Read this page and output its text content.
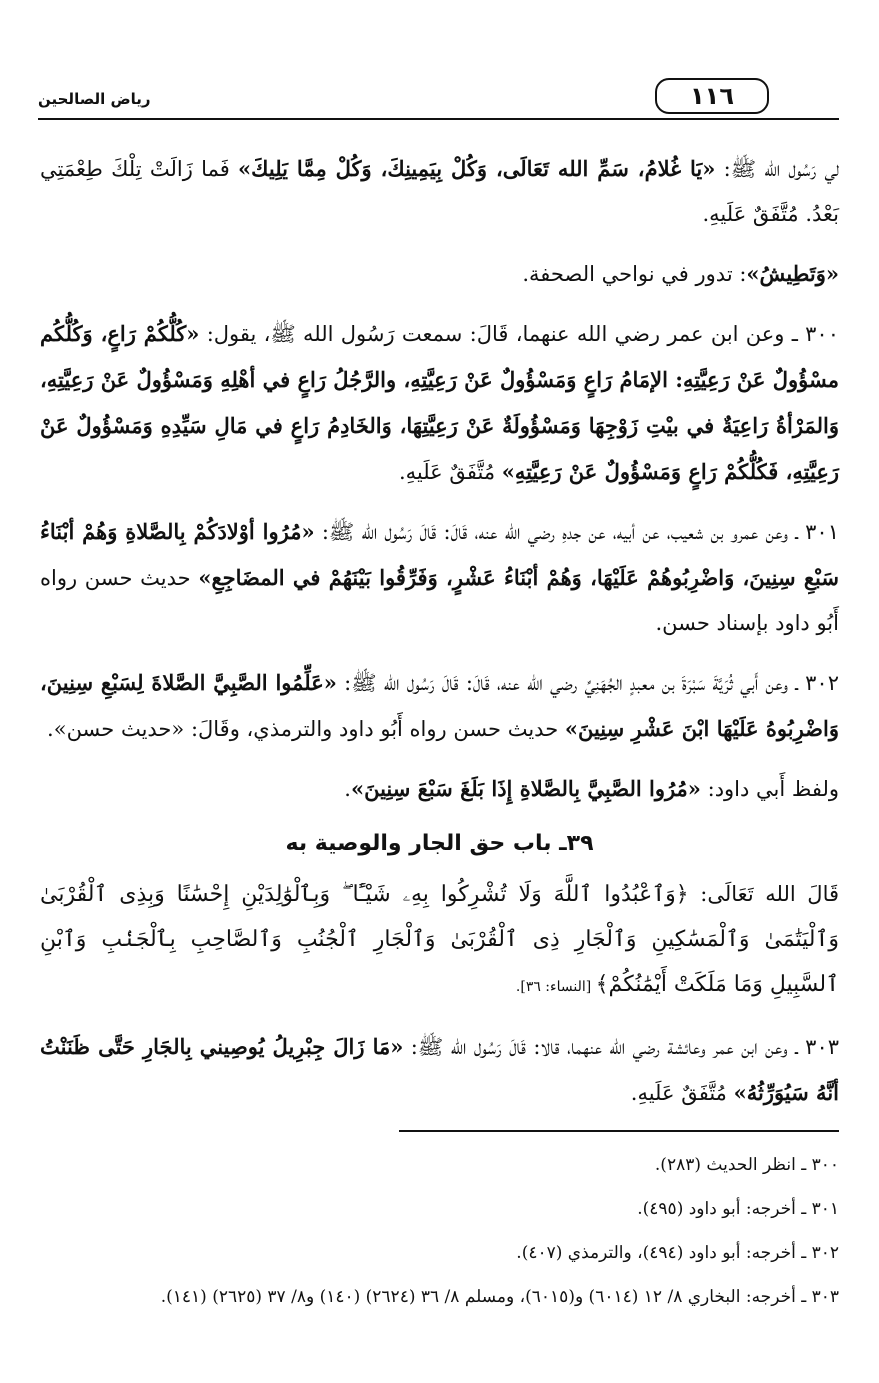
١١٦
رياض الصالحين

لي رَسُول الله ﷺ: «يَا غُلامُ، سَمِّ الله تَعَالَى، وَكُلْ بِيَمِينِكَ، وَكُلْ مِمَّا يَلِيكَ» فَما زَالَتْ تِلْكَ طِعْمَتِي بَعْدُ. مُتَّفَقٌ عَلَيهِ.

«وَتَطِيشُ»: تدور في نواحي الصحفة.

٣٠٠ ـ وعن ابن عمر رضي الله عنهما، قَالَ: سمعت رَسُول الله ﷺ، يقول: «كُلُّكُمْ رَاعٍ، وَكُلُّكُم مسْؤُولٌ عَنْ رَعِيَّتِهِ: الإمَامُ رَاعٍ وَمَسْؤُولٌ عَنْ رَعِيَّتِهِ، والرَّجُلُ رَاعٍ في أهْلِهِ وَمَسْؤُولٌ عَنْ رَعِيَّتِهِ، وَالمَرْأةُ رَاعِيَةٌ في بيْتِ زَوْجِهَا وَمَسْؤُولَةٌ عَنْ رَعِيَّتِهَا، وَالخَادِمُ رَاعٍ في مَالِ سَيِّدِهِ وَمَسْؤُولٌ عَنْ رَعِيَّتِهِ، فَكُلُّكُمْ رَاعٍ وَمَسْؤُولٌ عَنْ رَعِيَّتِهِ» مُتَّفَقٌ عَلَيهِ.

٣٠١ ـ وعن عمرو بن شعيب، عن أبيه، عن جدهِ رضي الله عنه، قَالَ: قَالَ رَسُول الله ﷺ: «مُرُوا أوْلادَكُمْ بِالصَّلاةِ وَهُمْ أبْنَاءُ سَبْعِ سِنِينَ، وَاضْرِبُوهُمْ عَلَيْهَا، وَهُمْ أبْنَاءُ عَشْرٍ، وَفَرِّقُوا بَيْنَهُمْ في المضَاجِعِ» حديث حسن رواه أَبُو داود بإسناد حسن.

٣٠٢ ـ وعن أَبي ثُرَيَّةَ سَبْرَةَ بن معبدٍ الجُهَنِيِّ رضي الله عنه، قَالَ: قَالَ رَسُول الله ﷺ: «عَلِّمُوا الصَّبِيَّ الصَّلاةَ لِسَبْعِ سِنِينَ، وَاضْرِبُوهُ عَلَيْهَا ابْنَ عَشْرِ سِنِينَ» حديث حسن رواه أَبُو داود والترمذي، وقَالَ: «حديث حسن».

ولفظ أَبي داود: «مُرُوا الصَّبِيَّ بِالصَّلاةِ إِذَا بَلَغَ سَبْعَ سِنِينَ».

٣٩ـ باب حق الجار والوصية به

قَالَ الله تَعَالَى: ﴿وَٱعْبُدُوا ٱللَّهَ وَلَا تُشْرِكُوا بِهِۦ شَيْـًٔا ۖ وَبِٱلْوَٰلِدَيْنِ إِحْسَٰنًا وَبِذِى ٱلْقُرْبَىٰ وَٱلْيَتَٰمَىٰ وَٱلْمَسَٰكِينِ وَٱلْجَارِ ذِى ٱلْقُرْبَىٰ وَٱلْجَارِ ٱلْجُنُبِ وَٱلصَّاحِبِ بِٱلْجَنۢبِ وَٱبْنِ ٱلسَّبِيلِ وَمَا مَلَكَتْ أَيْمَٰنُكُمْ﴾ [النساء: ٣٦].

٣٠٣ ـ وعن ابن عمر وعائشة رضي الله عنهما، قالا: قَالَ رَسُول الله ﷺ: «مَا زَالَ جِبْرِيلُ يُوصِيني بِالجَارِ حَتَّى ظَنَنْتُ أنَّهُ سَيُوَرِّثُهُ» مُتَّفَقٌ عَلَيهِ.

٣٠٠ ـ انظر الحديث (٢٨٣).
٣٠١ ـ أخرجه: أبو داود (٤٩٥).
٣٠٢ ـ أخرجه: أبو داود (٤٩٤)، والترمذي (٤٠٧).
٣٠٣ ـ أخرجه: البخاري ٨/ ١٢ (٦٠١٤) و(٦٠١٥)، ومسلم ٨/ ٣٦ (٢٦٢٤) (١٤٠) و٨/ ٣٧ (٢٦٢٥) (١٤١).
